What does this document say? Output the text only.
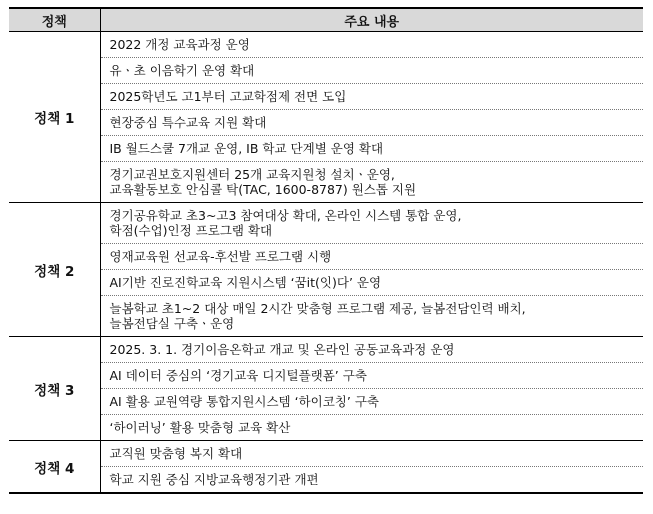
정책	주요 내용
정책 1	2022 개정 교육과정 운영
	유ㆍ초 이음학기 운영 확대
	2025학년도 고1부터 고교학점제 전면 도입
	현장중심 특수교육 지원 확대
	IB 월드스쿨 7개교 운영, IB 학교 단계별 운영 확대
	경기교권보호지원센터 25개 교육지원청 설치ㆍ운영,
교육활동보호 안심콜 탁(TAC, 1600-8787) 원스톱 지원
정책 2	경기공유학교 초3~고3 참여대상 확대, 온라인 시스템 통합 운영,
학점(수업)인정 프로그램 확대
	영재교육원 선교육-후선발 프로그램 시행
	AI기반 진로진학교육 지원시스템 ‘꿈it(잇)다’ 운영
	늘봄학교 초1~2 대상 매일 2시간 맞춤형 프로그램 제공, 늘봄전담인력 배치,
늘봄전담실 구축ㆍ운영
정책 3	2025. 3. 1. 경기이음온학교 개교 및 온라인 공동교육과정 운영
	AI 데이터 중심의 ‘경기교육 디지털플랫폼’ 구축
	AI 활용 교원역량 통합지원시스템 ‘하이코칭’ 구축
	‘하이러닝’ 활용 맞춤형 교육 확산
정책 4	교직원 맞춤형 복지 확대
	학교 지원 중심 지방교육행정기관 개편
